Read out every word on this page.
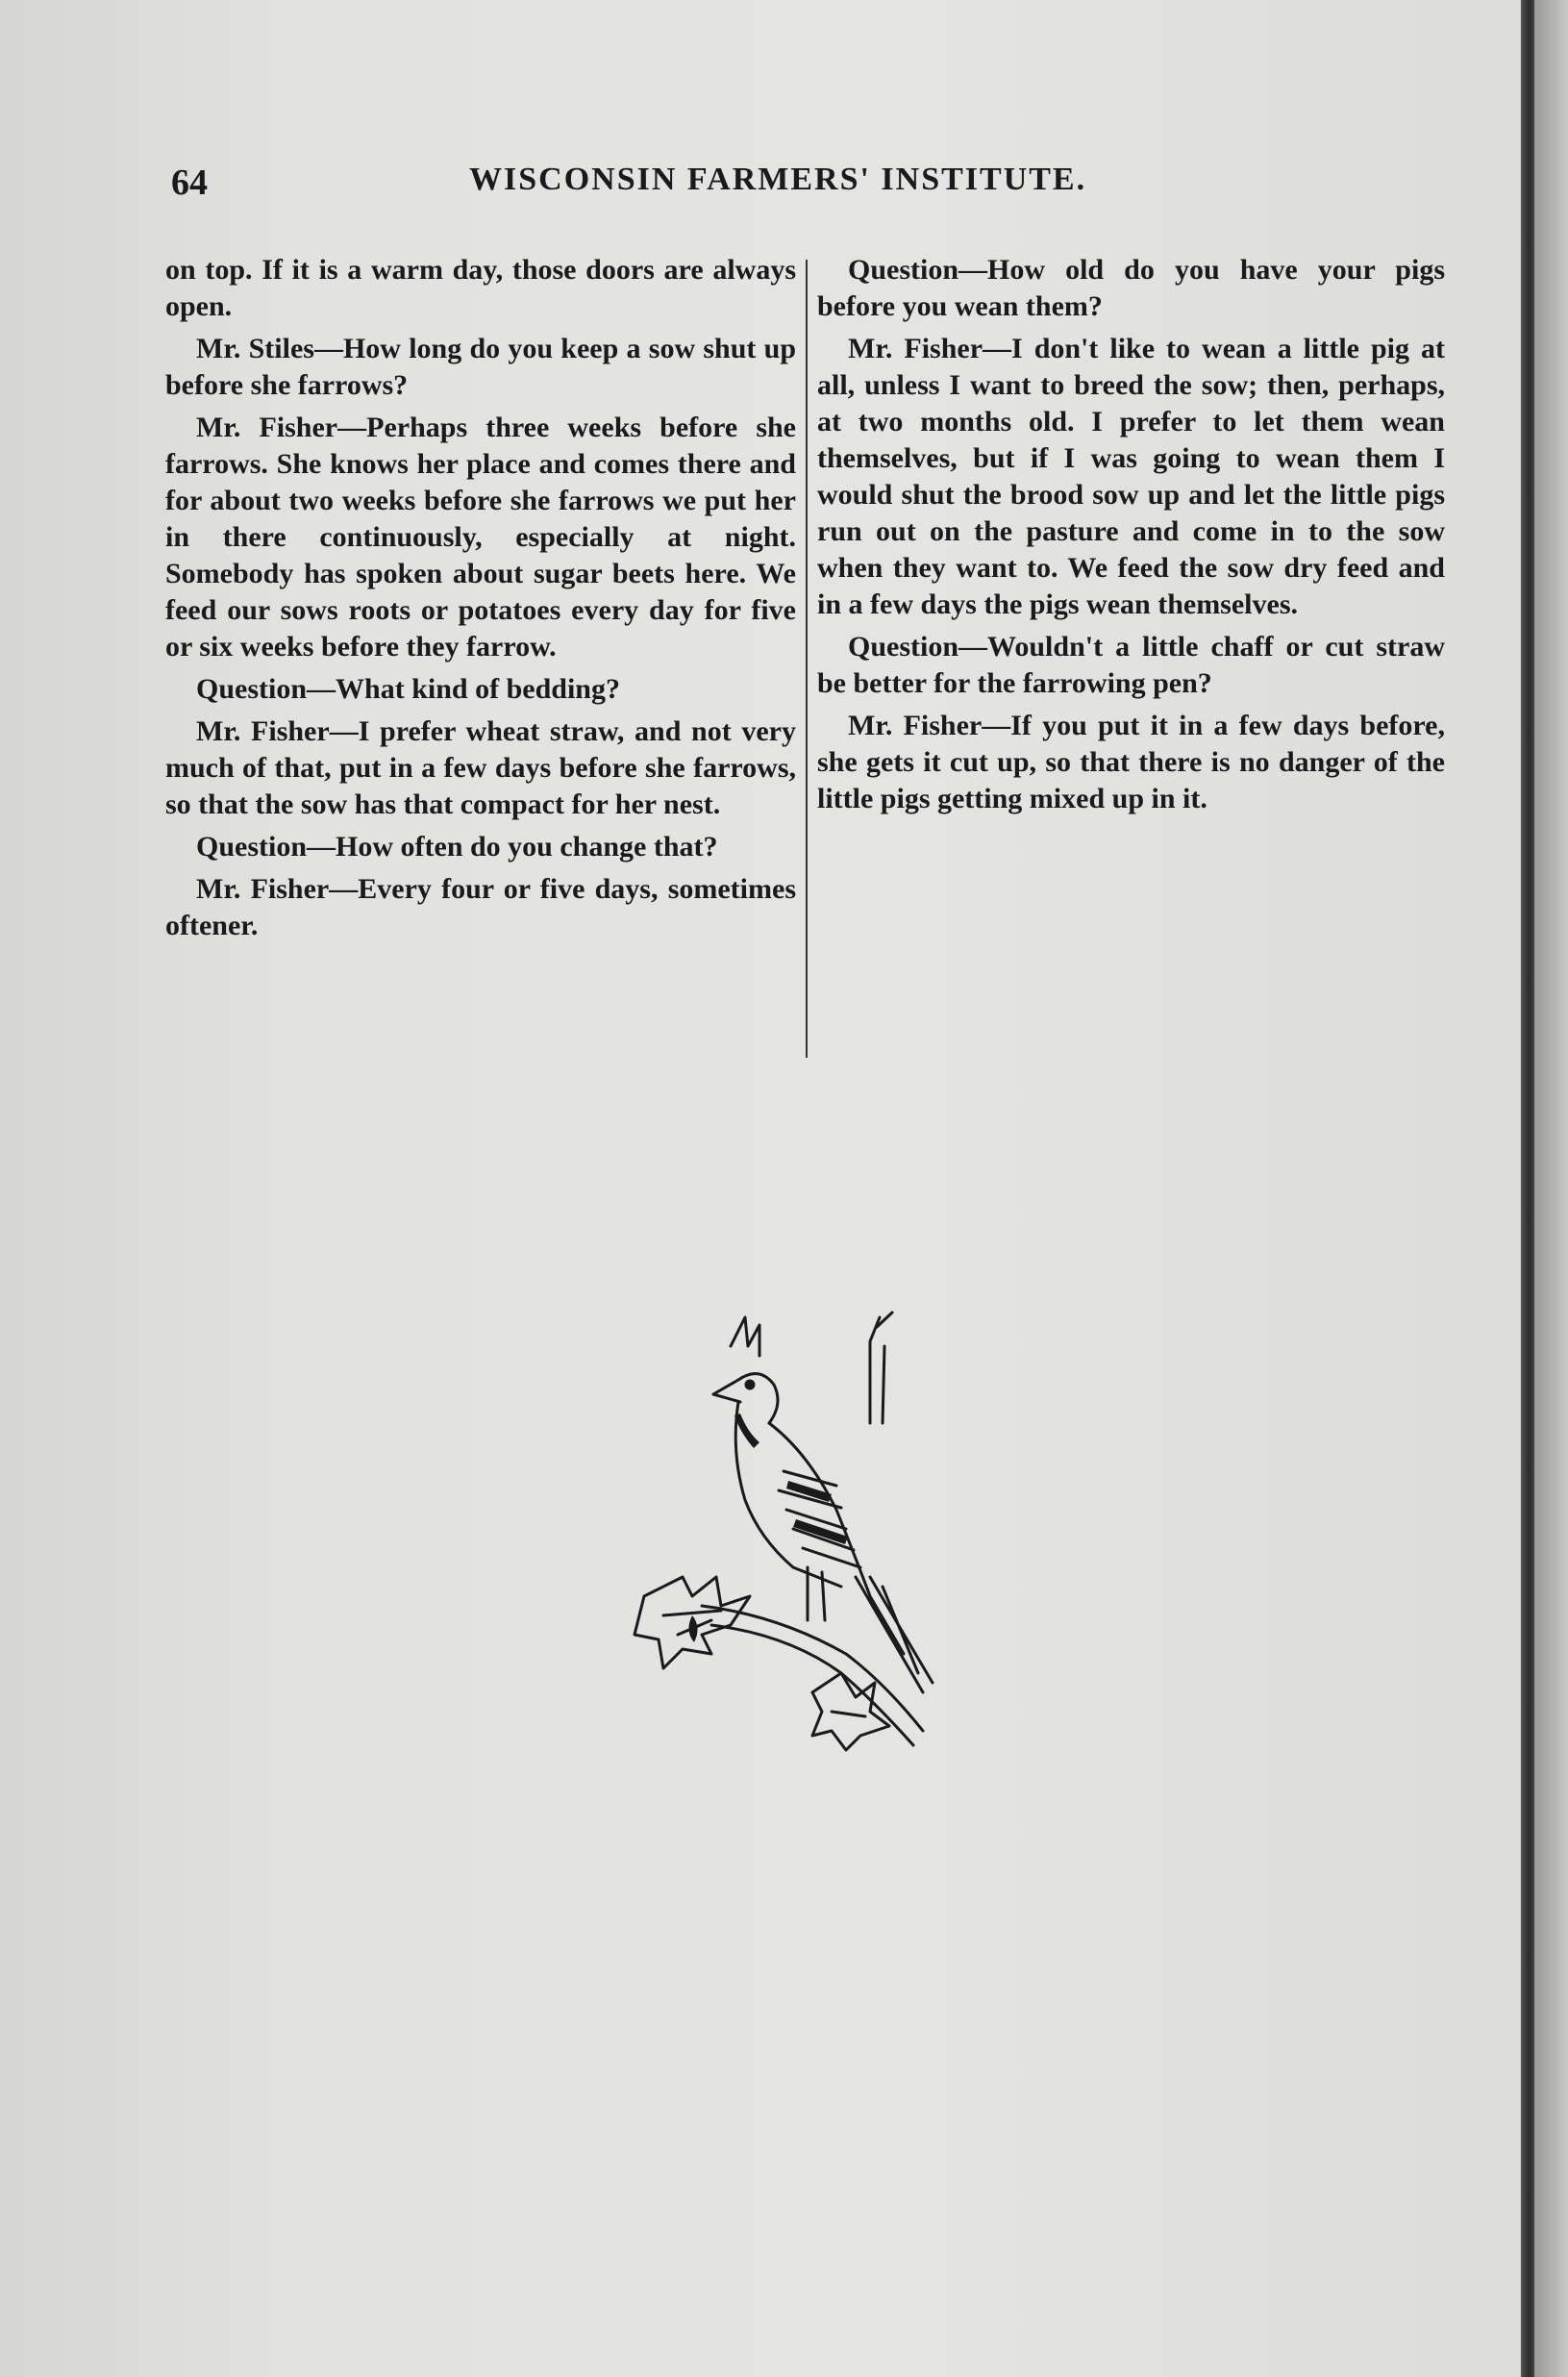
64	WISCONSIN FARMERS' INSTITUTE.

on top. If it is a warm day, those doors are always open.

Mr. Stiles—How long do you keep a sow shut up before she farrows?

Mr. Fisher—Perhaps three weeks before she farrows. She knows her place and comes there and for about two weeks before she farrows we put her in there continuously, especially at night. Somebody has spoken about sugar beets here. We feed our sows roots or potatoes every day for five or six weeks before they farrow.

Question—What kind of bedding?

Mr. Fisher—I prefer wheat straw, and not very much of that, put in a few days before she farrows, so that the sow has that compact for her nest.

Question—How often do you change that?

Mr. Fisher—Every four or five days, sometimes oftener.

Question—How old do you have your pigs before you wean them?

Mr. Fisher—I don't like to wean a little pig at all, unless I want to breed the sow; then, perhaps, at two months old. I prefer to let them wean themselves, but if I was going to wean them I would shut the brood sow up and let the little pigs run out on the pasture and come in to the sow when they want to. We feed the sow dry feed and in a few days the pigs wean themselves.

Question—Wouldn't a little chaff or cut straw be better for the farrowing pen?

Mr. Fisher—If you put it in a few days before, she gets it cut up, so that there is no danger of the little pigs getting mixed up in it.
